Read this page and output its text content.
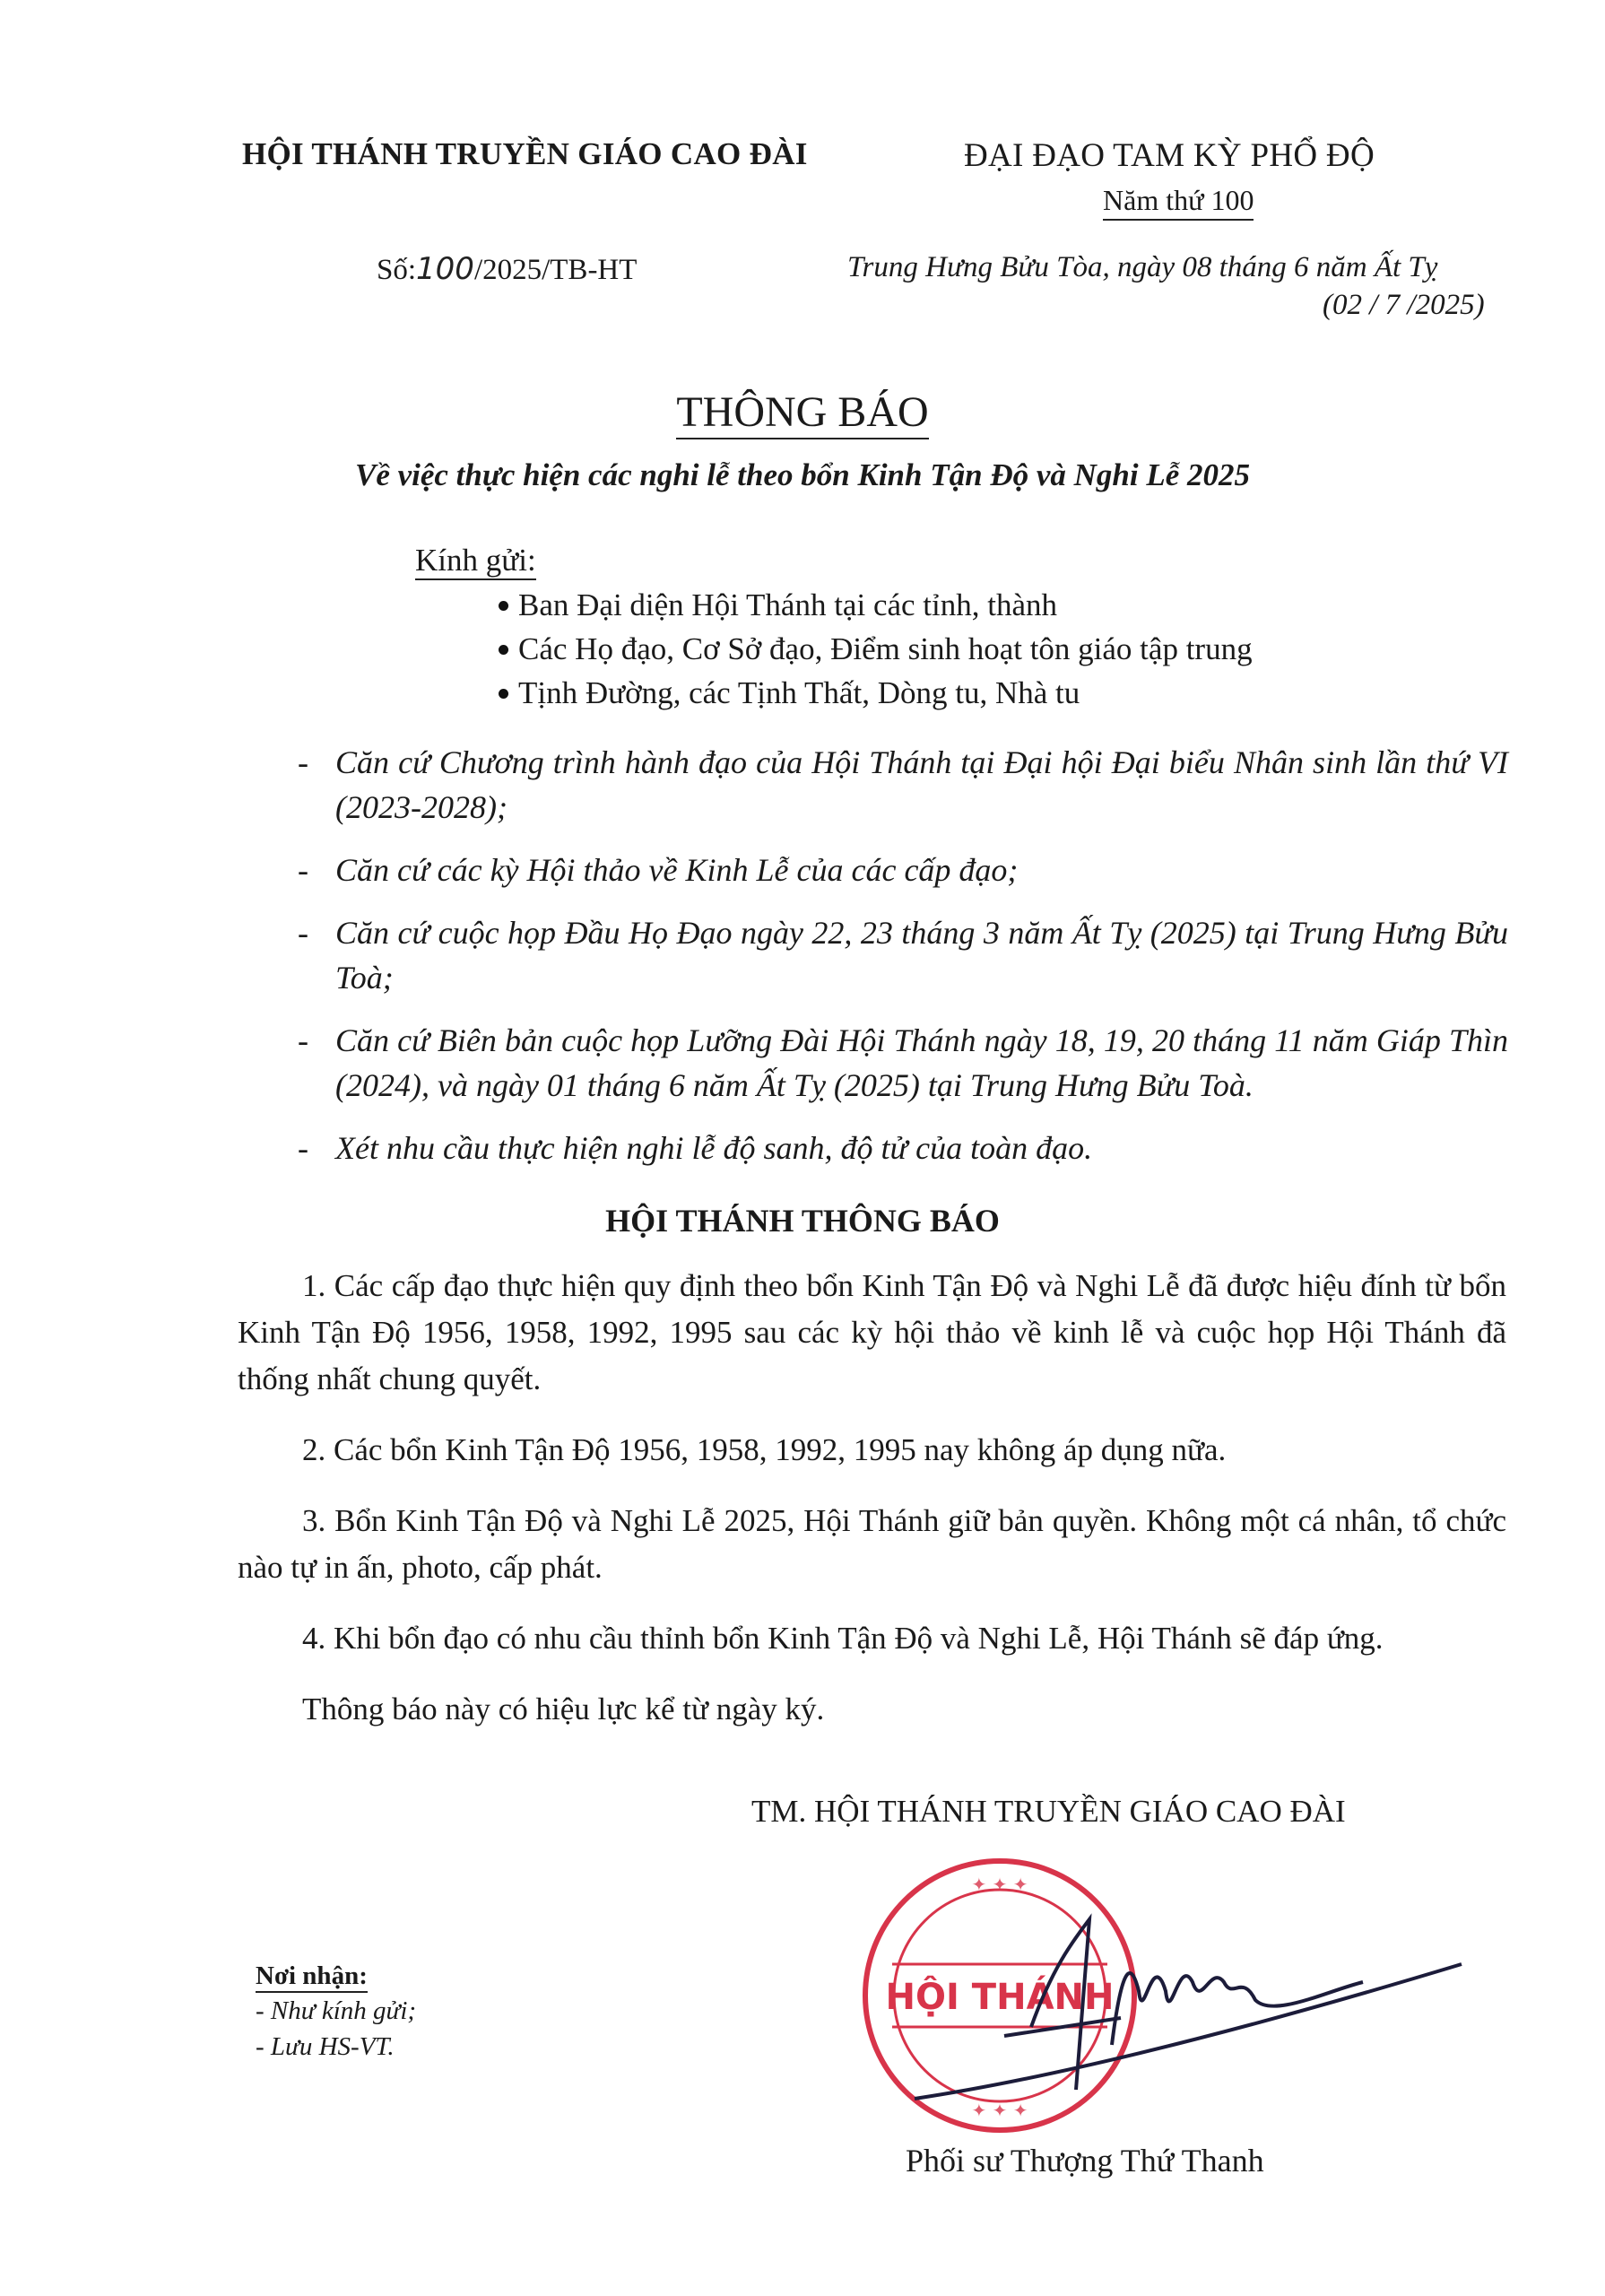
HỘI THÁNH TRUYỀN GIÁO CAO ĐÀI	ĐẠI ĐẠO TAM KỲ PHỔ ĐỘ
Năm thứ 100
Số:100/2025/TB-HT	Trung Hưng Bửu Tòa, ngày 08 tháng 6 năm Ất Tỵ
(02 / 7 /2025)
THÔNG BÁO
Về việc thực hiện các nghi lễ theo bổn Kinh Tận Độ và Nghi Lễ 2025
Kính gửi:
Ban Đại diện Hội Thánh tại các tỉnh, thành
Các Họ đạo, Cơ Sở đạo, Điểm sinh hoạt tôn giáo tập trung
Tịnh Đường, các Tịnh Thất, Dòng tu, Nhà tu
- Căn cứ Chương trình hành đạo của Hội Thánh tại Đại hội Đại biểu Nhân sinh lần thứ VI (2023-2028);
- Căn cứ các kỳ Hội thảo về Kinh Lễ của các cấp đạo;
- Căn cứ cuộc họp Đầu Họ Đạo ngày 22, 23 tháng 3 năm Ất Tỵ (2025) tại Trung Hưng Bửu Toà;
- Căn cứ Biên bản cuộc họp Lưỡng Đài Hội Thánh ngày 18, 19, 20 tháng 11 năm Giáp Thìn (2024), và ngày 01 tháng 6 năm Ất Tỵ (2025) tại Trung Hưng Bửu Toà.
- Xét nhu cầu thực hiện nghi lễ độ sanh, độ tử của toàn đạo.
HỘI THÁNH THÔNG BÁO

1. Các cấp đạo thực hiện quy định theo bổn Kinh Tận Độ và Nghi Lễ đã được hiệu đính từ bổn Kinh Tận Độ 1956, 1958, 1992, 1995 sau các kỳ hội thảo về kinh lễ và cuộc họp Hội Thánh đã thống nhất chung quyết.

2. Các bổn Kinh Tận Độ 1956, 1958, 1992, 1995 nay không áp dụng nữa.

3. Bổn Kinh Tận Độ và Nghi Lễ 2025, Hội Thánh giữ bản quyền. Không một cá nhân, tổ chức nào tự in ấn, photo, cấp phát.

4. Khi bổn đạo có nhu cầu thỉnh bổn Kinh Tận Độ và Nghi Lễ, Hội Thánh sẽ đáp ứng.

Thông báo này có hiệu lực kể từ ngày ký.

TM. HỘI THÁNH TRUYỀN GIÁO CAO ĐÀI
HỘI THÁNH
✦ ✦ ✦
✦ ✦ ✦
Phối sư Thượng Thứ Thanh
Nơi nhận:
- Như kính gửi;
- Lưu HS-VT.
